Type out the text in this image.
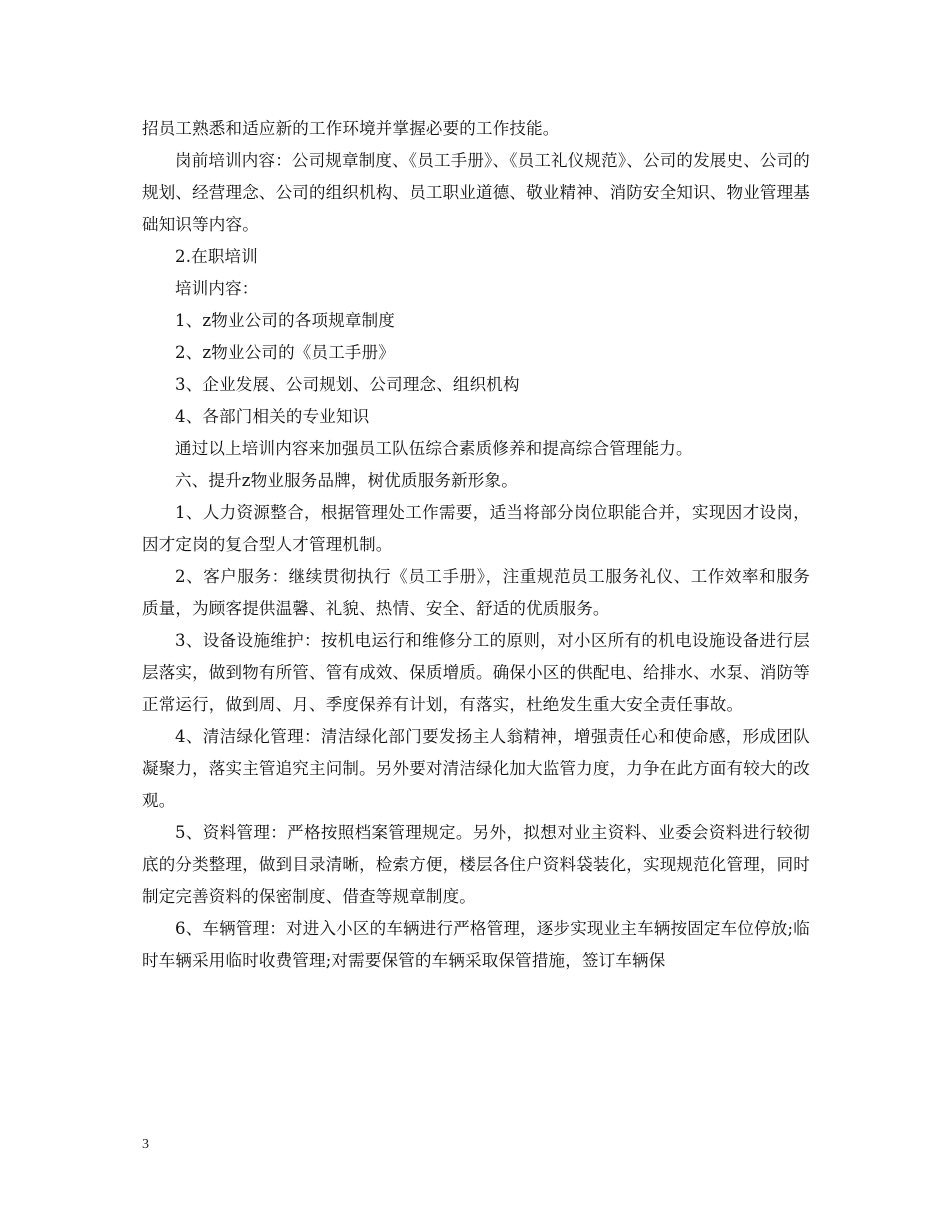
招员工熟悉和适应新的工作环境并掌握必要的工作技能。

岗前培训内容：公司规章制度、《员工手册》、《员工礼仪规范》、公司的发展史、公司的规划、经营理念、公司的组织机构、员工职业道德、敬业精神、消防安全知识、物业管理基础知识等内容。

2.在职培训

培训内容：

1、z物业公司的各项规章制度

2、z物业公司的《员工手册》

3、企业发展、公司规划、公司理念、组织机构

4、各部门相关的专业知识

通过以上培训内容来加强员工队伍综合素质修养和提高综合管理能力。

六、提升z物业服务品牌，树优质服务新形象。

1、人力资源整合，根据管理处工作需要，适当将部分岗位职能合并，实现因才设岗，因才定岗的复合型人才管理机制。

2、客户服务：继续贯彻执行《员工手册》，注重规范员工服务礼仪、工作效率和服务质量，为顾客提供温馨、礼貌、热情、安全、舒适的优质服务。

3、设备设施维护：按机电运行和维修分工的原则，对小区所有的机电设施设备进行层层落实，做到物有所管、管有成效、保质增质。确保小区的供配电、给排水、水泵、消防等正常运行，做到周、月、季度保养有计划，有落实，杜绝发生重大安全责任事故。

4、清洁绿化管理：清洁绿化部门要发扬主人翁精神，增强责任心和使命感，形成团队凝聚力，落实主管追究主问制。另外要对清洁绿化加大监管力度，力争在此方面有较大的改观。

5、资料管理：严格按照档案管理规定。另外，拟想对业主资料、业委会资料进行较彻底的分类整理，做到目录清晰，检索方便，楼层各住户资料袋装化，实现规范化管理，同时制定完善资料的保密制度、借查等规章制度。

6、车辆管理：对进入小区的车辆进行严格管理，逐步实现业主车辆按固定车位停放;临时车辆采用临时收费管理;对需要保管的车辆采取保管措施，签订车辆保

3
